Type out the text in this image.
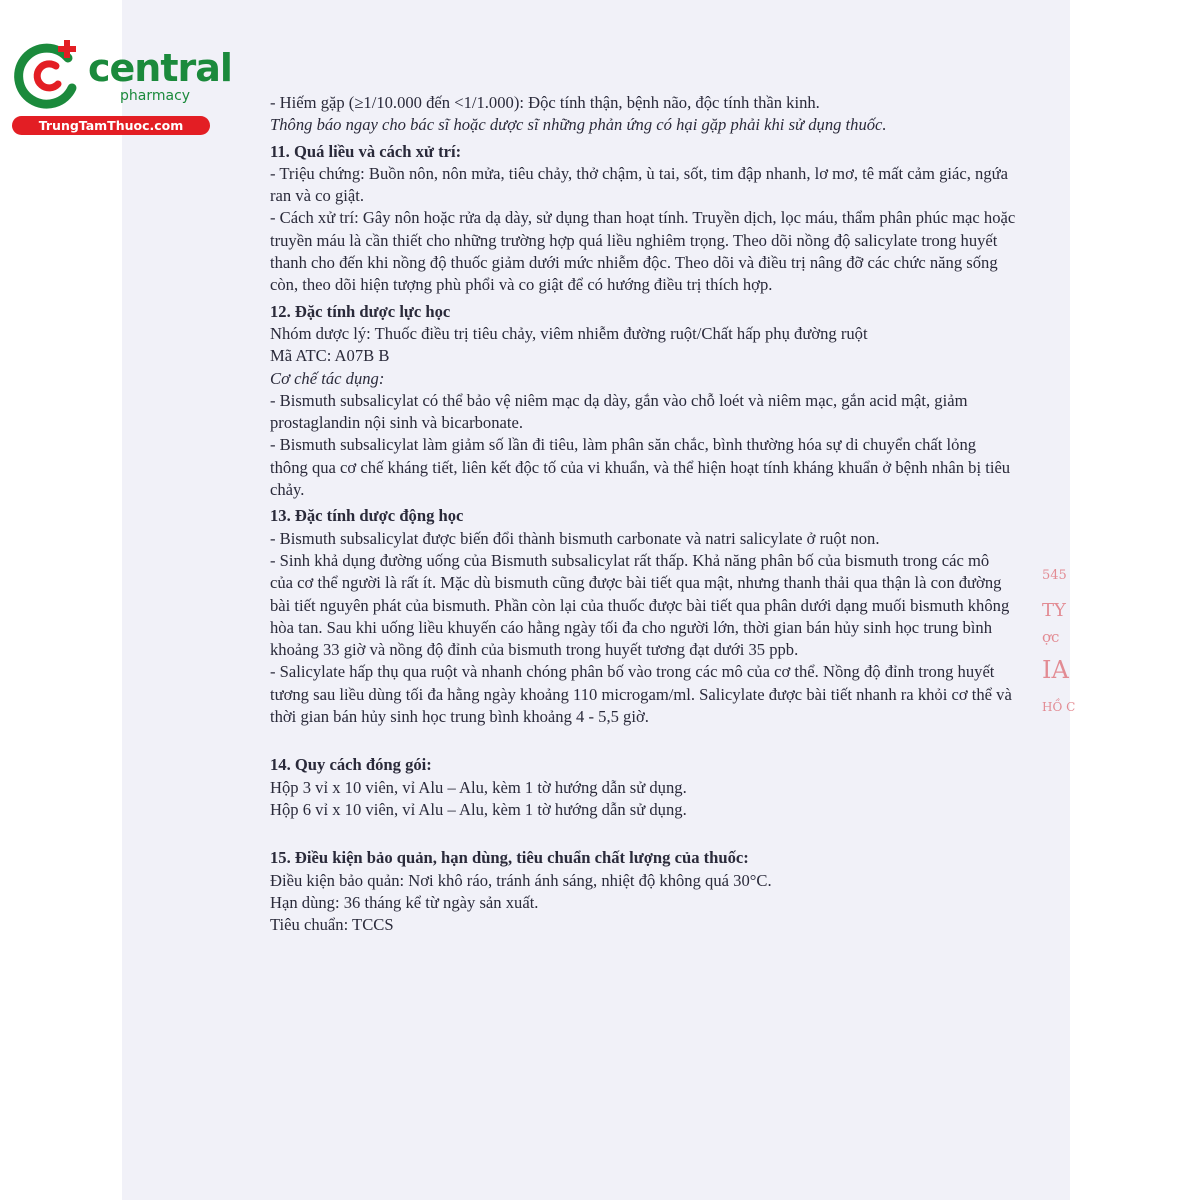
central
pharmacy
TrungTamThuoc.com

- Hiếm gặp (≥1/10.000 đến <1/1.000): Độc tính thận, bệnh não, độc tính thần kinh.

Thông báo ngay cho bác sĩ hoặc dược sĩ những phản ứng có hại gặp phải khi sử dụng thuốc.

11. Quá liều và cách xử trí:

- Triệu chứng: Buồn nôn, nôn mửa, tiêu chảy, thở chậm, ù tai, sốt, tim đập nhanh, lơ mơ, tê mất cảm giác, ngứa ran và co giật.

- Cách xử trí: Gây nôn hoặc rửa dạ dày, sử dụng than hoạt tính. Truyền dịch, lọc máu, thẩm phân phúc mạc hoặc truyền máu là cần thiết cho những trường hợp quá liều nghiêm trọng. Theo dõi nồng độ salicylate trong huyết thanh cho đến khi nồng độ thuốc giảm dưới mức nhiễm độc. Theo dõi và điều trị nâng đỡ các chức năng sống còn, theo dõi hiện tượng phù phổi và co giật để có hướng điều trị thích hợp.

12. Đặc tính dược lực học

Nhóm dược lý: Thuốc điều trị tiêu chảy, viêm nhiễm đường ruột/Chất hấp phụ đường ruột

Mã ATC: A07B B

Cơ chế tác dụng:

- Bismuth subsalicylat có thể bảo vệ niêm mạc dạ dày, gắn vào chỗ loét và niêm mạc, gắn acid mật, giảm prostaglandin nội sinh và bicarbonate.

- Bismuth subsalicylat làm giảm số lần đi tiêu, làm phân săn chắc, bình thường hóa sự di chuyển chất lỏng thông qua cơ chế kháng tiết, liên kết độc tố của vi khuẩn, và thể hiện hoạt tính kháng khuẩn ở bệnh nhân bị tiêu chảy.

13. Đặc tính dược động học

- Bismuth subsalicylat được biến đổi thành bismuth carbonate và natri salicylate ở ruột non.

- Sinh khả dụng đường uống của Bismuth subsalicylat rất thấp. Khả năng phân bố của bismuth trong các mô của cơ thể người là rất ít. Mặc dù bismuth cũng được bài tiết qua mật, nhưng thanh thải qua thận là con đường bài tiết nguyên phát của bismuth. Phần còn lại của thuốc được bài tiết qua phân dưới dạng muối bismuth không hòa tan. Sau khi uống liều khuyến cáo hằng ngày tối đa cho người lớn, thời gian bán hủy sinh học trung bình khoảng 33 giờ và nồng độ đỉnh của bismuth trong huyết tương đạt dưới 35 ppb.

- Salicylate hấp thụ qua ruột và nhanh chóng phân bố vào trong các mô của cơ thể. Nồng độ đỉnh trong huyết tương sau liều dùng tối đa hằng ngày khoảng 110 microgam/ml. Salicylate được bài tiết nhanh ra khỏi cơ thể và thời gian bán hủy sinh học trung bình khoảng 4 - 5,5 giờ.

14. Quy cách đóng gói:

Hộp 3 vỉ x 10 viên, vỉ Alu – Alu, kèm 1 tờ hướng dẫn sử dụng.

Hộp 6 vỉ x 10 viên, vỉ Alu – Alu, kèm 1 tờ hướng dẫn sử dụng.

15. Điều kiện bảo quản, hạn dùng, tiêu chuẩn chất lượng của thuốc:

Điều kiện bảo quản: Nơi khô ráo, tránh ánh sáng, nhiệt độ không quá 30°C.

Hạn dùng: 36 tháng kể từ ngày sản xuất.

Tiêu chuẩn: TCCS

545
TY
ợc
IA
HỒ C
